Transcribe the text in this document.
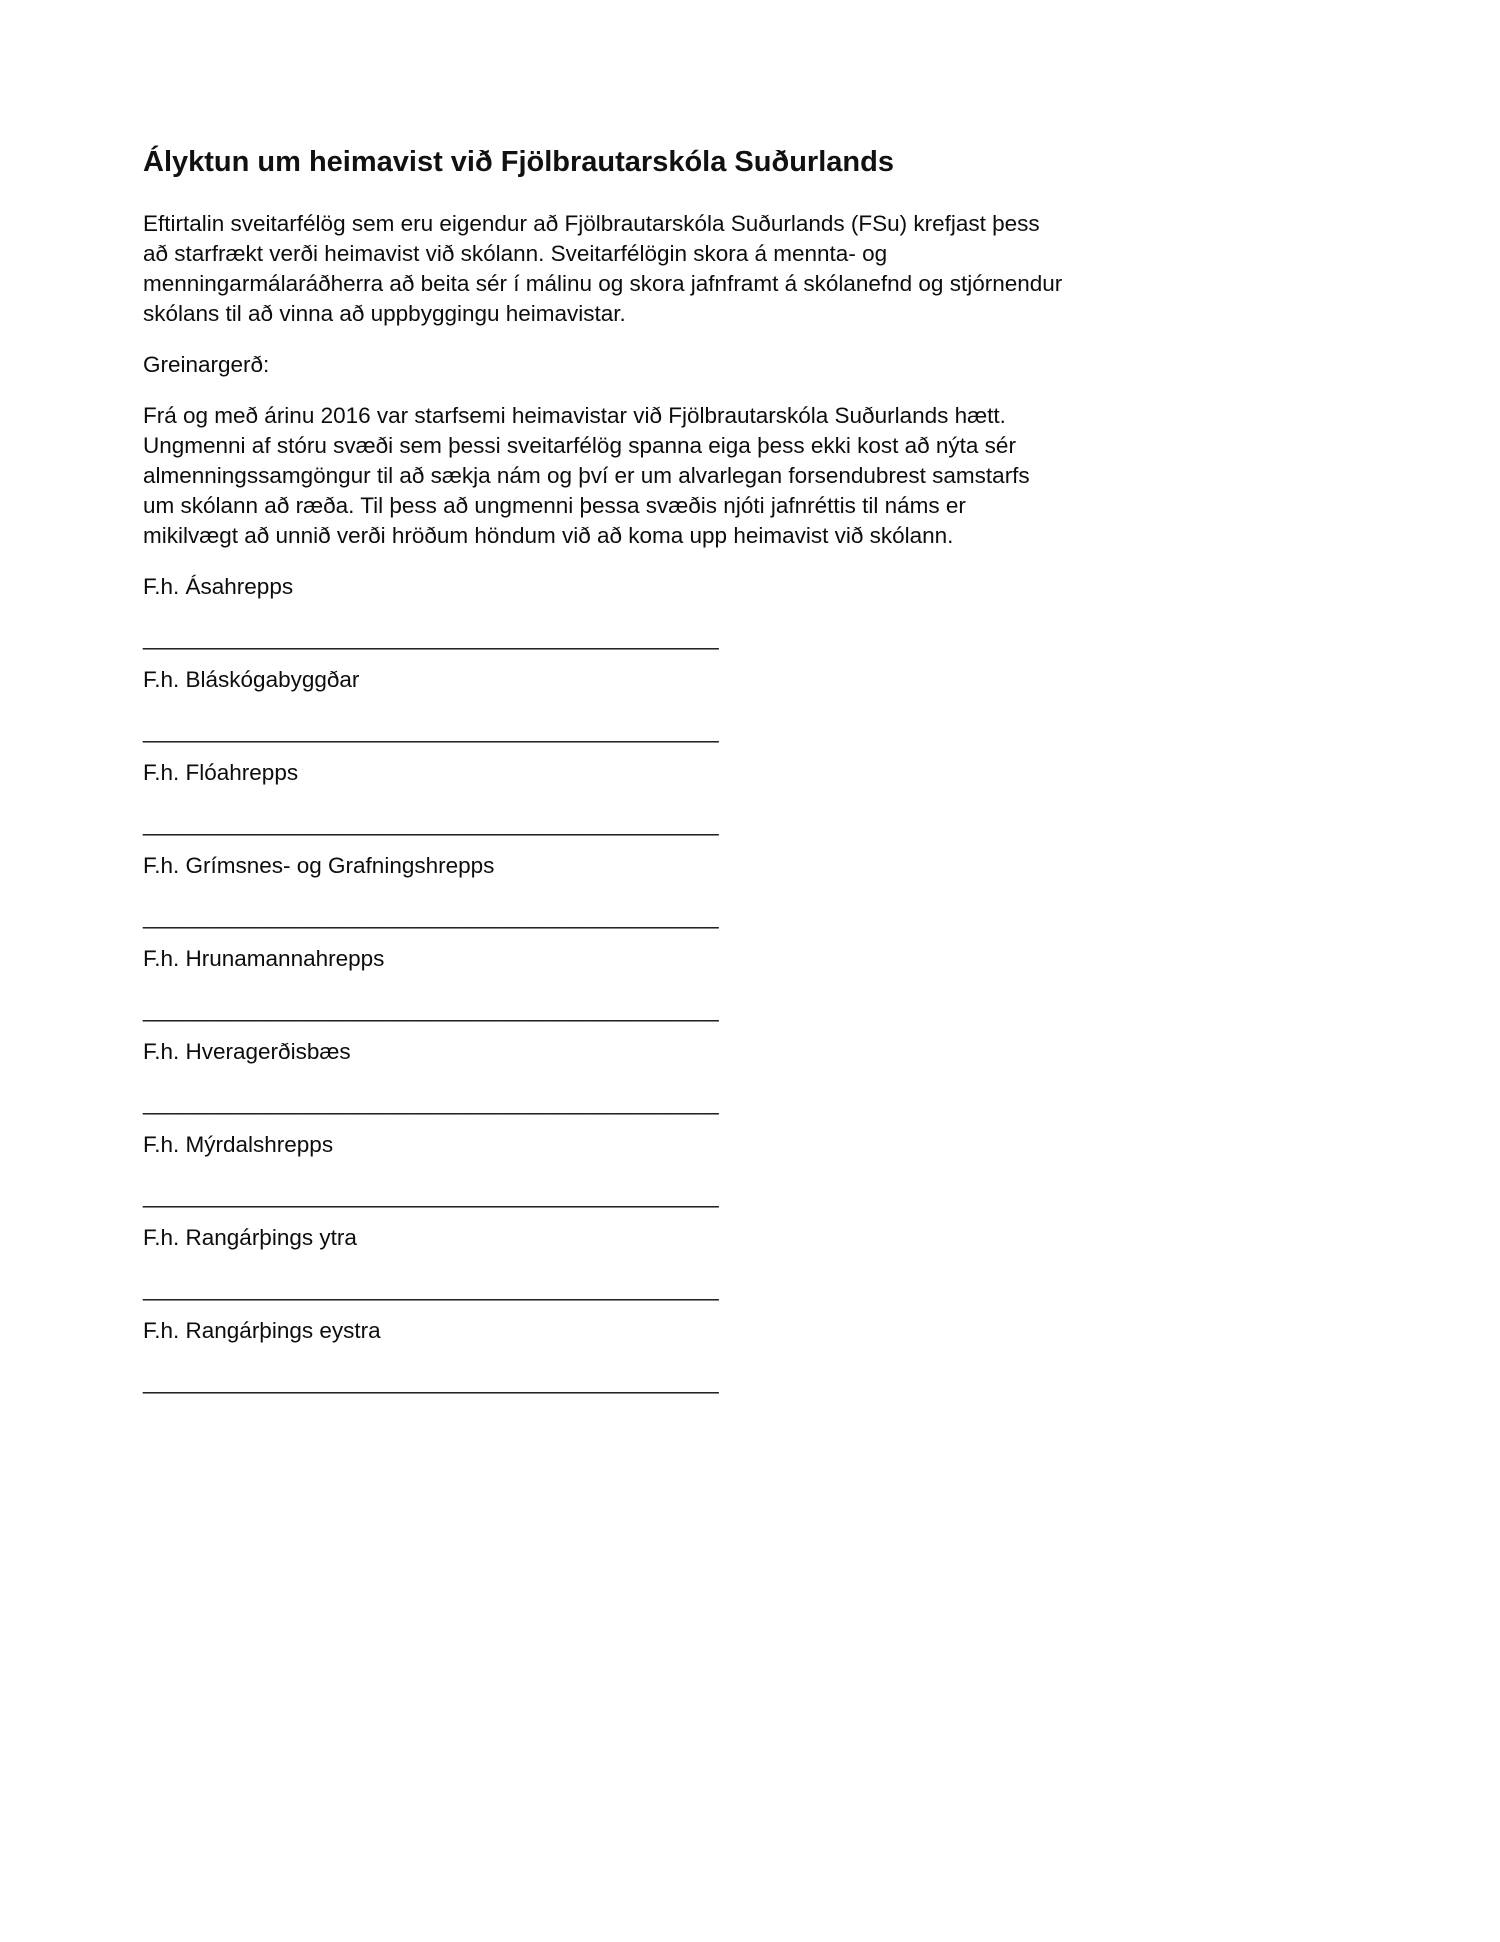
Ályktun um heimavist við Fjölbrautarskóla Suðurlands

Eftirtalin sveitarfélög sem eru eigendur að Fjölbrautarskóla Suðurlands (FSu) krefjast þess að starfrækt verði heimavist við skólann. Sveitarfélögin skora á mennta- og menningarmálaráðherra að beita sér í málinu og skora jafnframt á skólanefnd og stjórnendur skólans til að vinna að uppbyggingu heimavistar.

Greinargerð:

Frá og með árinu 2016 var starfsemi heimavistar við Fjölbrautarskóla Suðurlands hætt. Ungmenni af stóru svæði sem þessi sveitarfélög spanna eiga þess ekki kost að nýta sér almenningssamgöngur til að sækja nám og því er um alvarlegan forsendubrest samstarfs um skólann að ræða. Til þess að ungmenni þessa svæðis njóti jafnréttis til náms er mikilvægt að unnið verði hröðum höndum við að koma upp heimavist við skólann.

F.h. Ásahrepps

______________________________________________

F.h. Bláskógabyggðar

______________________________________________

F.h. Flóahrepps

______________________________________________

F.h. Grímsnes- og Grafningshrepps

______________________________________________

F.h. Hrunamannahrepps

______________________________________________

F.h. Hveragerðisbæs

______________________________________________

F.h. Mýrdalshrepps

______________________________________________

F.h. Rangárþings ytra

______________________________________________

F.h. Rangárþings eystra

______________________________________________
